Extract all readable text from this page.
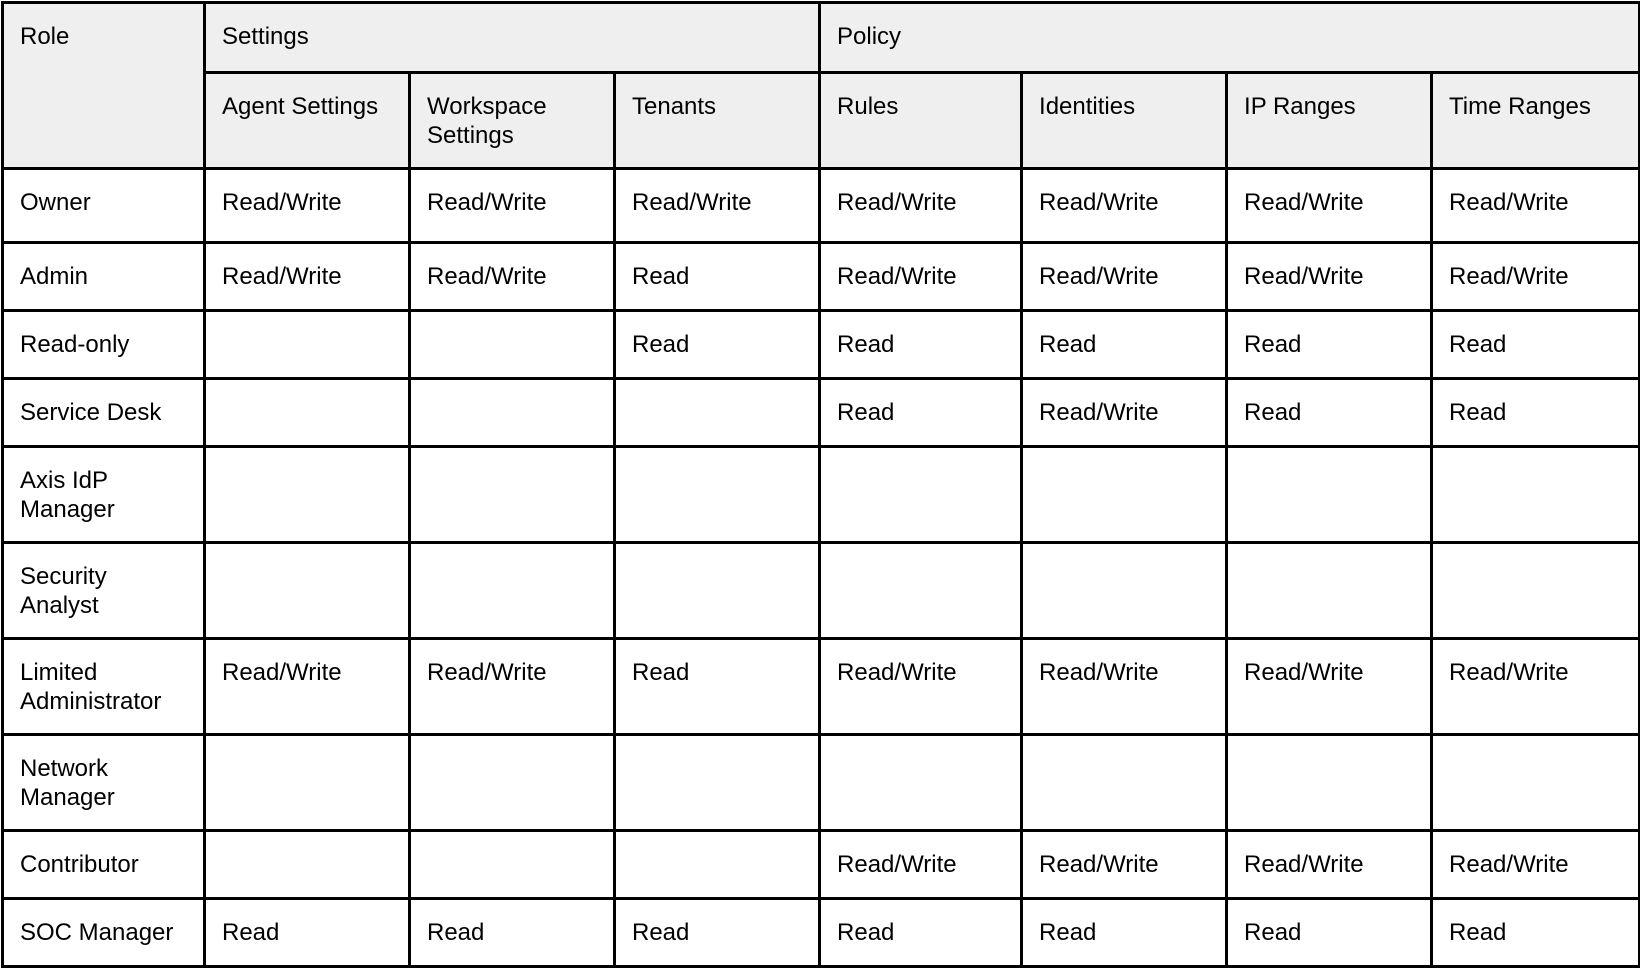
Role	Settings			Policy			
	Agent Settings	Workspace Settings	Tenants	Rules	Identities	IP Ranges	Time Ranges
Owner	Read/Write	Read/Write	Read/Write	Read/Write	Read/Write	Read/Write	Read/Write
Admin	Read/Write	Read/Write	Read	Read/Write	Read/Write	Read/Write	Read/Write
Read-only			Read	Read	Read	Read	Read
Service Desk				Read	Read/Write	Read	Read
Axis IdP Manager							
Security Analyst							
Limited Administrator	Read/Write	Read/Write	Read	Read/Write	Read/Write	Read/Write	Read/Write
Network Manager							
Contributor				Read/Write	Read/Write	Read/Write	Read/Write
SOC Manager	Read	Read	Read	Read	Read	Read	Read
